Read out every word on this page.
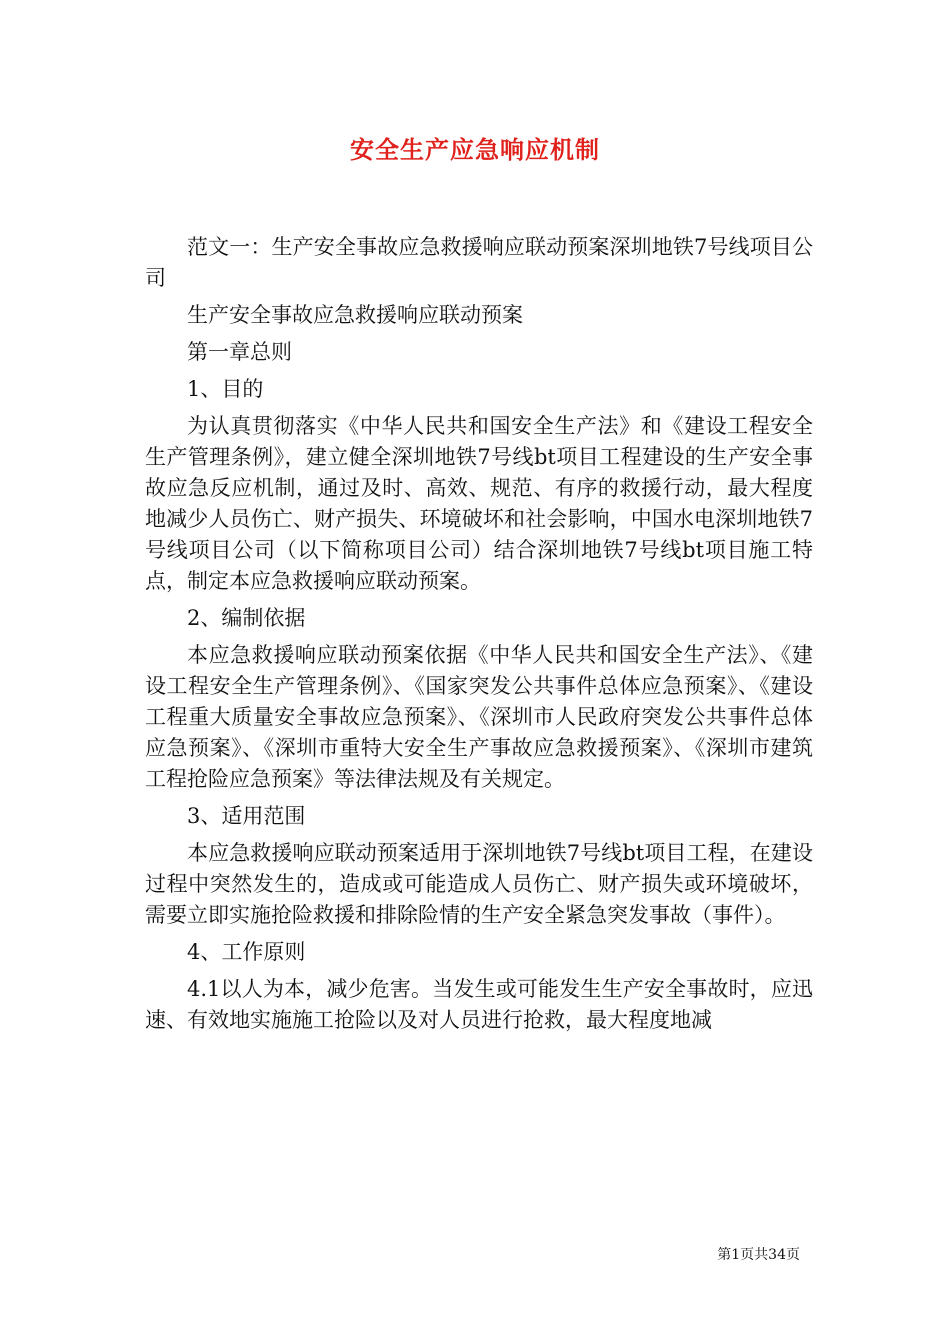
安全生产应急响应机制

范文一：生产安全事故应急救援响应联动预案深圳地铁7号线项目公司

生产安全事故应急救援响应联动预案

第一章总则

1、目的

为认真贯彻落实《中华人民共和国安全生产法》和《建设工程安全生产管理条例》，建立健全深圳地铁7号线bt项目工程建设的生产安全事故应急反应机制，通过及时、高效、规范、有序的救援行动，最大程度地减少人员伤亡、财产损失、环境破坏和社会影响，中国水电深圳地铁7号线项目公司（以下简称项目公司）结合深圳地铁7号线bt项目施工特点，制定本应急救援响应联动预案。

2、编制依据

本应急救援响应联动预案依据《中华人民共和国安全生产法》、《建设工程安全生产管理条例》、《国家突发公共事件总体应急预案》、《建设工程重大质量安全事故应急预案》、《深圳市人民政府突发公共事件总体应急预案》、《深圳市重特大安全生产事故应急救援预案》、《深圳市建筑工程抢险应急预案》等法律法规及有关规定。

3、适用范围

本应急救援响应联动预案适用于深圳地铁7号线bt项目工程，在建设过程中突然发生的，造成或可能造成人员伤亡、财产损失或环境破坏，需要立即实施抢险救援和排除险情的生产安全紧急突发事故（事件）。

4、工作原则

4.1以人为本，减少危害。当发生或可能发生生产安全事故时，应迅速、有效地实施施工抢险以及对人员进行抢救，最大程度地减

第1页共34页
